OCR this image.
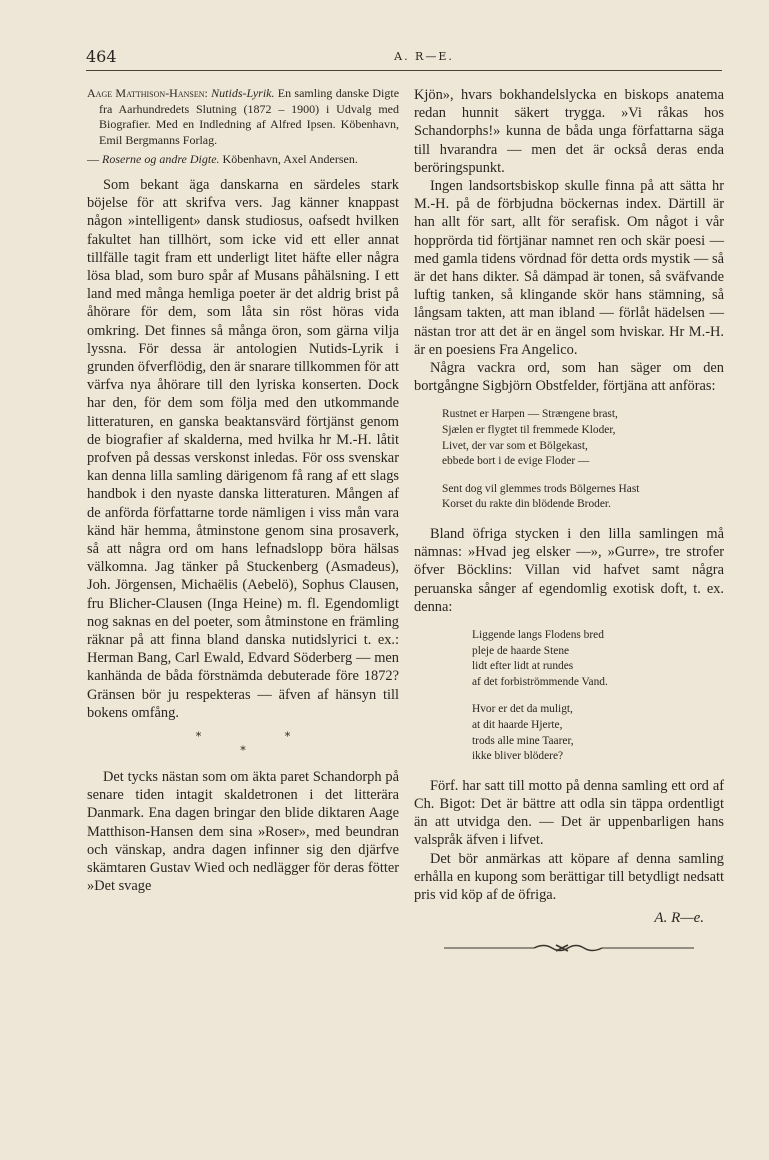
464	A. R—E.

Aage Matthison-Hansen: Nutids-Lyrik. En samling danske Digte fra Aarhundredets Slutning (1872 – 1900) i Udvalg med Biografier. Med en Indledning af Alfred Ipsen. Köbenhavn, Emil Bergmanns Forlag.

— Roserne og andre Digte. Köbenhavn, Axel Andersen.

Som bekant äga danskarna en särdeles stark böjelse för att skrifva vers. Jag känner knappast någon »intelligent» dansk studiosus, oafsedt hvilken fakultet han tillhört, som icke vid ett eller annat tillfälle tagit fram ett underligt litet häfte eller några lösa blad, som buro spår af Musans påhälsning. I ett land med många hemliga poeter är det aldrig brist på åhörare för dem, som låta sin röst höras vida omkring. Det finnes så många öron, som gärna vilja lyssna. För dessa är antologien Nutids-Lyrik i grunden öfverflödig, den är snarare tillkommen för att värfva nya åhörare till den lyriska konserten. Dock har den, för dem som följa med den utkommande litteraturen, en ganska beaktansvärd förtjänst genom de biografier af skalderna, med hvilka hr M.-H. låtit profven på dessas verskonst inledas. För oss svenskar kan denna lilla samling därigenom få rang af ett slags handbok i den nyaste danska litteraturen. Mången af de anförda författarne torde nämligen i viss mån vara känd här hemma, åtminstone genom sina prosaverk, så att några ord om hans lefnadslopp böra hälsas välkomna. Jag tänker på Stuckenberg (Asmadeus), Joh. Jörgensen, Michaëlis (Aebelö), Sophus Clausen, fru Blicher-Clausen (Inga Heine) m. fl. Egendomligt nog saknas en del poeter, som åtminstone en främling räknar på att finna bland danska nutidslyrici t. ex.: Herman Bang, Carl Ewald, Edvard Söderberg — men kanhända de båda förstnämda debuterade före 1872? Gränsen bör ju respekteras — äfven af hänsyn till bokens omfång.

* *
*

Det tycks nästan som om äkta paret Schandorph på senare tiden intagit skaldetronen i det litterära Danmark. Ena dagen bringar den blide diktaren Aage Matthison-Hansen dem sina »Roser», med beundran och vänskap, andra dagen infinner sig den djärfve skämtaren Gustav Wied och nedlägger för deras fötter »Det svage

Kjön», hvars bokhandelslycka en biskops anatema redan hunnit säkert trygga. »Vi råkas hos Schandorphs!» kunna de båda unga författarna säga till hvarandra — men det är också deras enda beröringspunkt.

Ingen landsortsbiskop skulle finna på att sätta hr M.-H. på de förbjudna böckernas index. Därtill är han allt för sart, allt för serafisk. Om något i vår hopprörda tid förtjänar namnet ren och skär poesi — med gamla tidens vördnad för detta ords mystik — så är det hans dikter. Så dämpad är tonen, så sväfvande luftig tanken, så klingande skör hans stämning, så långsam takten, att man ibland — förlåt hädelsen — nästan tror att det är en ängel som hviskar. Hr M.-H. är en poesiens Fra Angelico.

Några vackra ord, som han säger om den bortgångne Sigbjörn Obstfelder, förtjäna att anföras:

Rustnet er Harpen — Strængene brast,
Sjælen er flygtet til fremmede Kloder,
Livet, der var som et Bölgekast,
ebbede bort i de evige Floder —
Sent dog vil glemmes trods Bölgernes Hast
Korset du rakte din blödende Broder.

Bland öfriga stycken i den lilla samlingen må nämnas: »Hvad jeg elsker —», »Gurre», tre strofer öfver Böcklins: Villan vid hafvet samt några peruanska sånger af egendomlig exotisk doft, t. ex. denna:

Liggende langs Flodens bred
pleje de haarde Stene
lidt efter lidt at rundes
af det forbiströmmende Vand.
Hvor er det da muligt,
at dit haarde Hjerte,
trods alle mine Taarer,
ikke bliver blödere?

Förf. har satt till motto på denna samling ett ord af Ch. Bigot: Det är bättre att odla sin täppa ordentligt än att utvidga den. — Det är uppenbarligen hans valspråk äfven i lifvet.

Det bör anmärkas att köpare af denna samling erhålla en kupong som berättigar till betydligt nedsatt pris vid köp af de öfriga.

A. R—e.
